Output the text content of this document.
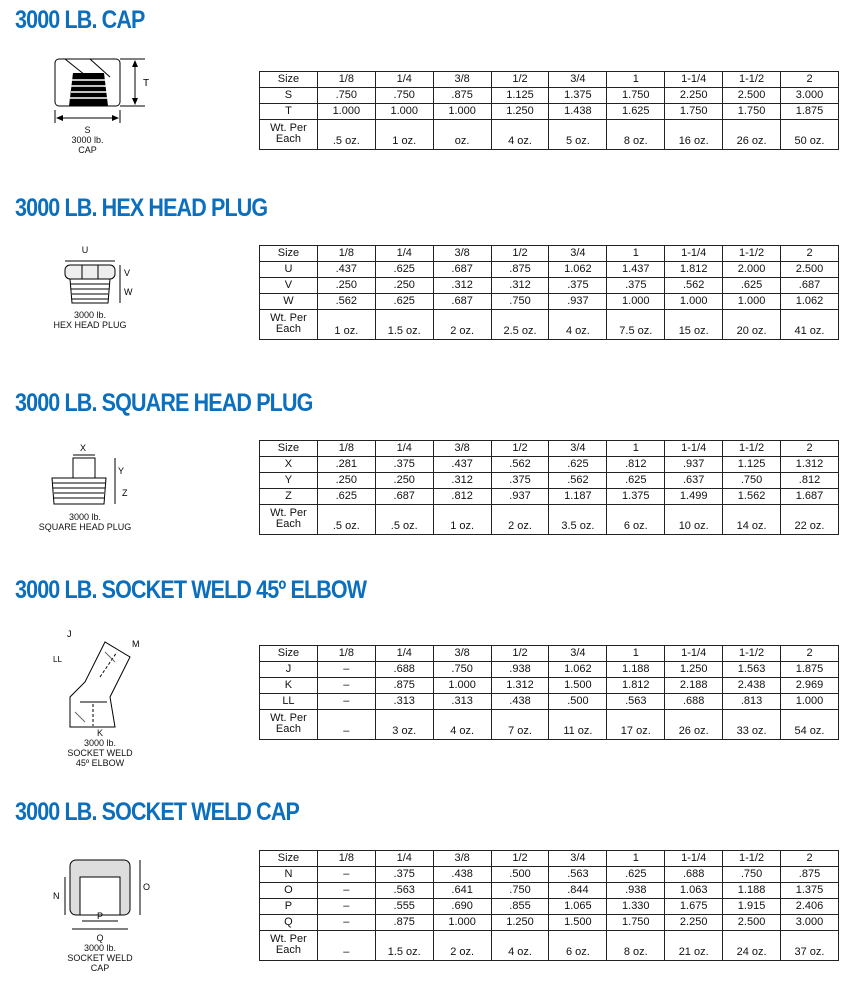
3000 LB. CAP
T
S
3000 lb.
CAP
Size	1/8	1/4	3/8	1/2	3/4	1	1-1/4	1-1/2	2
S	.750	.750	.875	1.125	1.375	1.750	2.250	2.500	3.000
T	1.000	1.000	1.000	1.250	1.438	1.625	1.750	1.750	1.875

Wt. Per
Each	.5 oz.	1 oz.	oz.	4 oz.	5 oz.	8 oz.	16 oz.	26 oz.	50 oz.
3000 LB. HEX HEAD PLUG
U
V
W
3000 lb.
HEX HEAD PLUG
Size	1/8	1/4	3/8	1/2	3/4	1	1-1/4	1-1/2	2
U	.437	.625	.687	.875	1.062	1.437	1.812	2.000	2.500
V	.250	.250	.312	.312	.375	.375	.562	.625	.687
W	.562	.625	.687	.750	.937	1.000	1.000	1.000	1.062

Wt. Per
Each	1 oz.	1.5 oz.	2 oz.	2.5 oz.	4 oz.	7.5 oz.	15 oz.	20 oz.	41 oz.
3000 LB. SQUARE HEAD PLUG
X
Y
Z
3000 lb.
SQUARE HEAD PLUG
Size	1/8	1/4	3/8	1/2	3/4	1	1-1/4	1-1/2	2
X	.281	.375	.437	.562	.625	.812	.937	1.125	1.312
Y	.250	.250	.312	.375	.562	.625	.637	.750	.812
Z	.625	.687	.812	.937	1.187	1.375	1.499	1.562	1.687

Wt. Per
Each	.5 oz.	.5 oz.	1 oz.	2 oz.	3.5 oz.	6 oz.	10 oz.	14 oz.	22 oz.
3000 LB. SOCKET WELD 45º ELBOW
J
M
LL
K
3000 lb.
SOCKET WELD
45º ELBOW
Size	1/8	1/4	3/8	1/2	3/4	1	1-1/4	1-1/2	2
J	–	.688	.750	.938	1.062	1.188	1.250	1.563	1.875
K	–	.875	1.000	1.312	1.500	1.812	2.188	2.438	2.969
LL	–	.313	.313	.438	.500	.563	.688	.813	1.000

Wt. Per
Each	–	3 oz.	4 oz.	7 oz.	11 oz.	17 oz.	26 oz.	33 oz.	54 oz.
3000 LB. SOCKET WELD CAP
N
O
P
Q
3000 lb.
SOCKET WELD
CAP
Size	1/8	1/4	3/8	1/2	3/4	1	1-1/4	1-1/2	2
N	–	.375	.438	.500	.563	.625	.688	.750	.875
O	–	.563	.641	.750	.844	.938	1.063	1.188	1.375
P	–	.555	.690	.855	1.065	1.330	1.675	1.915	2.406
Q	–	.875	1.000	1.250	1.500	1.750	2.250	2.500	3.000

Wt. Per
Each	–	1.5 oz.	2 oz.	4 oz.	6 oz.	8 oz.	21 oz.	24 oz.	37 oz.
